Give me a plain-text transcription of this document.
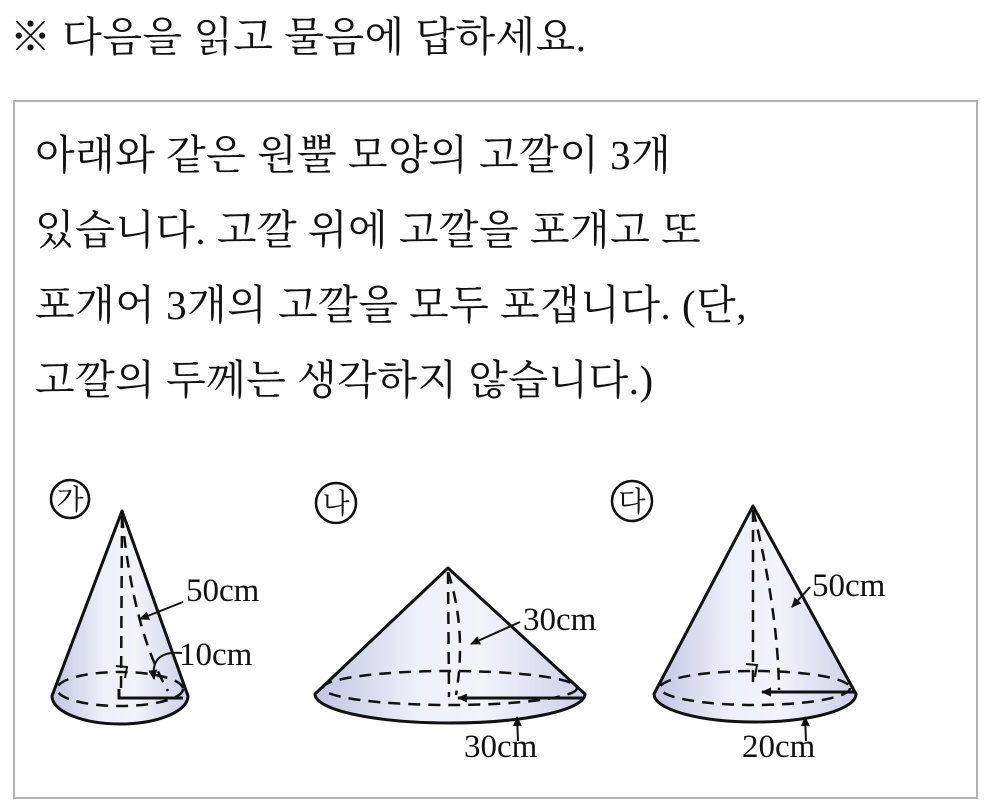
※ 다음을 읽고 물음에 답하세요.

아래와 같은 원뿔 모양의 고깔이 3개

있습니다. 고깔 위에 고깔을 포개고 또

포개어 3개의 고깔을 모두 포갭니다. (단,

고깔의 두께는 생각하지 않습니다.)

가
50cm
10cm
나
30cm
30cm
다
50cm
20cm
